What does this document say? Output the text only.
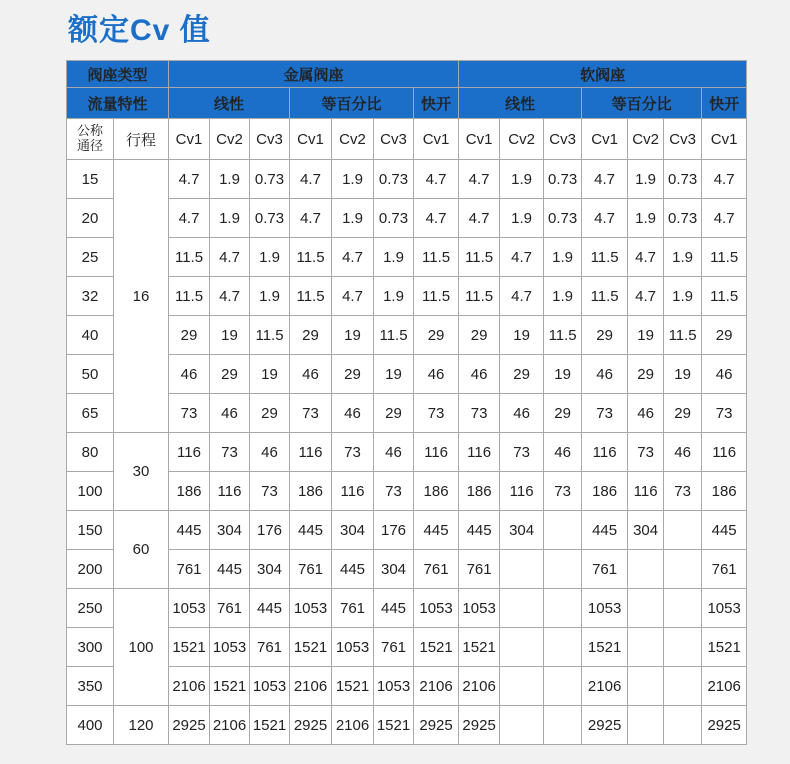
额定Cv 值
阀座类型		金属阀座							软阀座						
流量特性		线性			等百分比			快开	线性			等百分比			快开

公称
通径	行程	Cv1	Cv2	Cv3	Cv1	Cv2	Cv3	Cv1	Cv1	Cv2	Cv3	Cv1	Cv2	Cv3	Cv1
15	16	4.7	1.9	0.73	4.7	1.9	0.73	4.7	4.7	1.9	0.73	4.7	1.9	0.73	4.7
20		4.7	1.9	0.73	4.7	1.9	0.73	4.7	4.7	1.9	0.73	4.7	1.9	0.73	4.7
25		11.5	4.7	1.9	11.5	4.7	1.9	11.5	11.5	4.7	1.9	11.5	4.7	1.9	11.5
32		11.5	4.7	1.9	11.5	4.7	1.9	11.5	11.5	4.7	1.9	11.5	4.7	1.9	11.5
40		29	19	11.5	29	19	11.5	29	29	19	11.5	29	19	11.5	29
50		46	29	19	46	29	19	46	46	29	19	46	29	19	46
65		73	46	29	73	46	29	73	73	46	29	73	46	29	73
80	30	116	73	46	116	73	46	116	116	73	46	116	73	46	116
100		186	116	73	186	116	73	186	186	116	73	186	116	73	186
150	60	445	304	176	445	304	176	445	445	304		445	304		445
200		761	445	304	761	445	304	761	761			761			761
250	100	1053	761	445	1053	761	445	1053	1053			1053			1053
300		1521	1053	761	1521	1053	761	1521	1521			1521			1521
350		2106	1521	1053	2106	1521	1053	2106	2106			2106			2106
400	120	2925	2106	1521	2925	2106	1521	2925	2925			2925			2925
